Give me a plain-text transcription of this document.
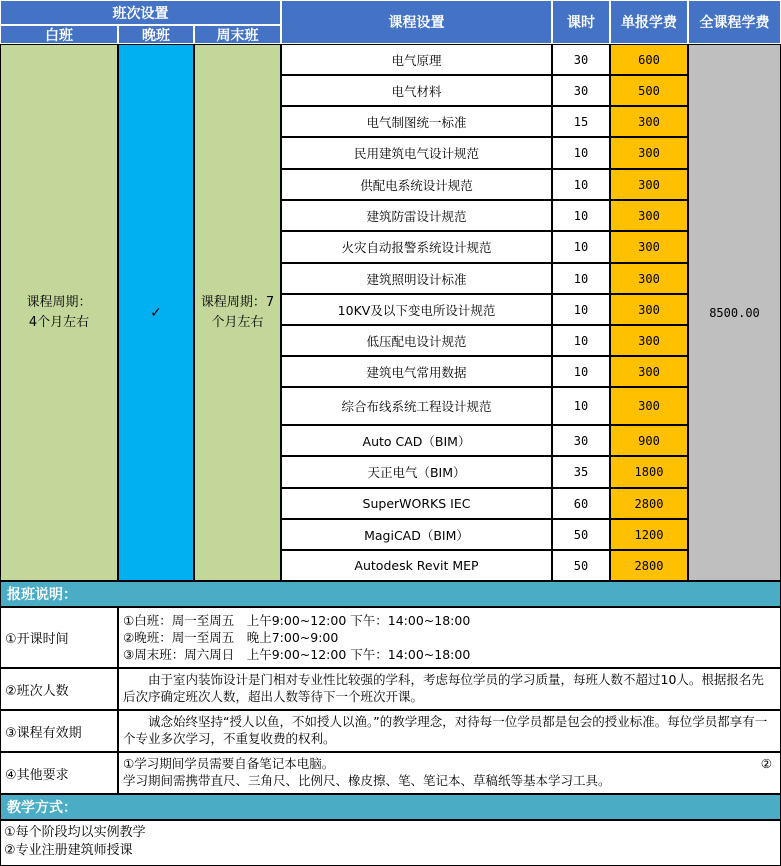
班次设置
白班	晚班	周末班
课程设置	课时	单报学费	全课程学费
课程周期：
4个月左右
✓
课程周期：7个月左右
8500.00
电气原理	30	600
电气材料	30	500
电气制图统一标准	15	300
民用建筑电气设计规范	10	300
供配电系统设计规范	10	300
建筑防雷设计规范	10	300
火灾自动报警系统设计规范	10	300
建筑照明设计标准	10	300
10KV及以下变电所设计规范	10	300
低压配电设计规范	10	300
建筑电气常用数据	10	300
综合布线系统工程设计规范	10	300
Auto CAD（BIM）	30	900
天正电气（BIM）	35	1800
SuperWORKS IEC	60	2800
MagiCAD（BIM）	50	1200
Autodesk Revit MEP	50	2800
报班说明：
①开课时间
①白班：周一至周五　上午9:00~12:00 下午：14:00~18:00
②晚班：周一至周五　晚上7:00~9:00
③周末班：周六周日　上午9:00~12:00 下午：14:00~18:00
②班次人数
　　由于室内装饰设计是门相对专业性比较强的学科，考虑每位学员的学习质量，每班人数不超过10人。根据报名先后次序确定班次人数，超出人数等待下一个班次开课。
③课程有效期
　　诚念始终坚持“授人以鱼，不如授人以渔。”的教学理念，对待每一位学员都是包会的授业标准。每位学员都享有一个专业多次学习，不重复收费的权利。
④其他要求
①学习期间学员需要自备笔记本电脑。
学习期间需携带直尺、三角尺、比例尺、橡皮擦、笔、笔记本、草稿纸等基本学习工具。
②
教学方式：
①每个阶段均以实例教学
②专业注册建筑师授课
